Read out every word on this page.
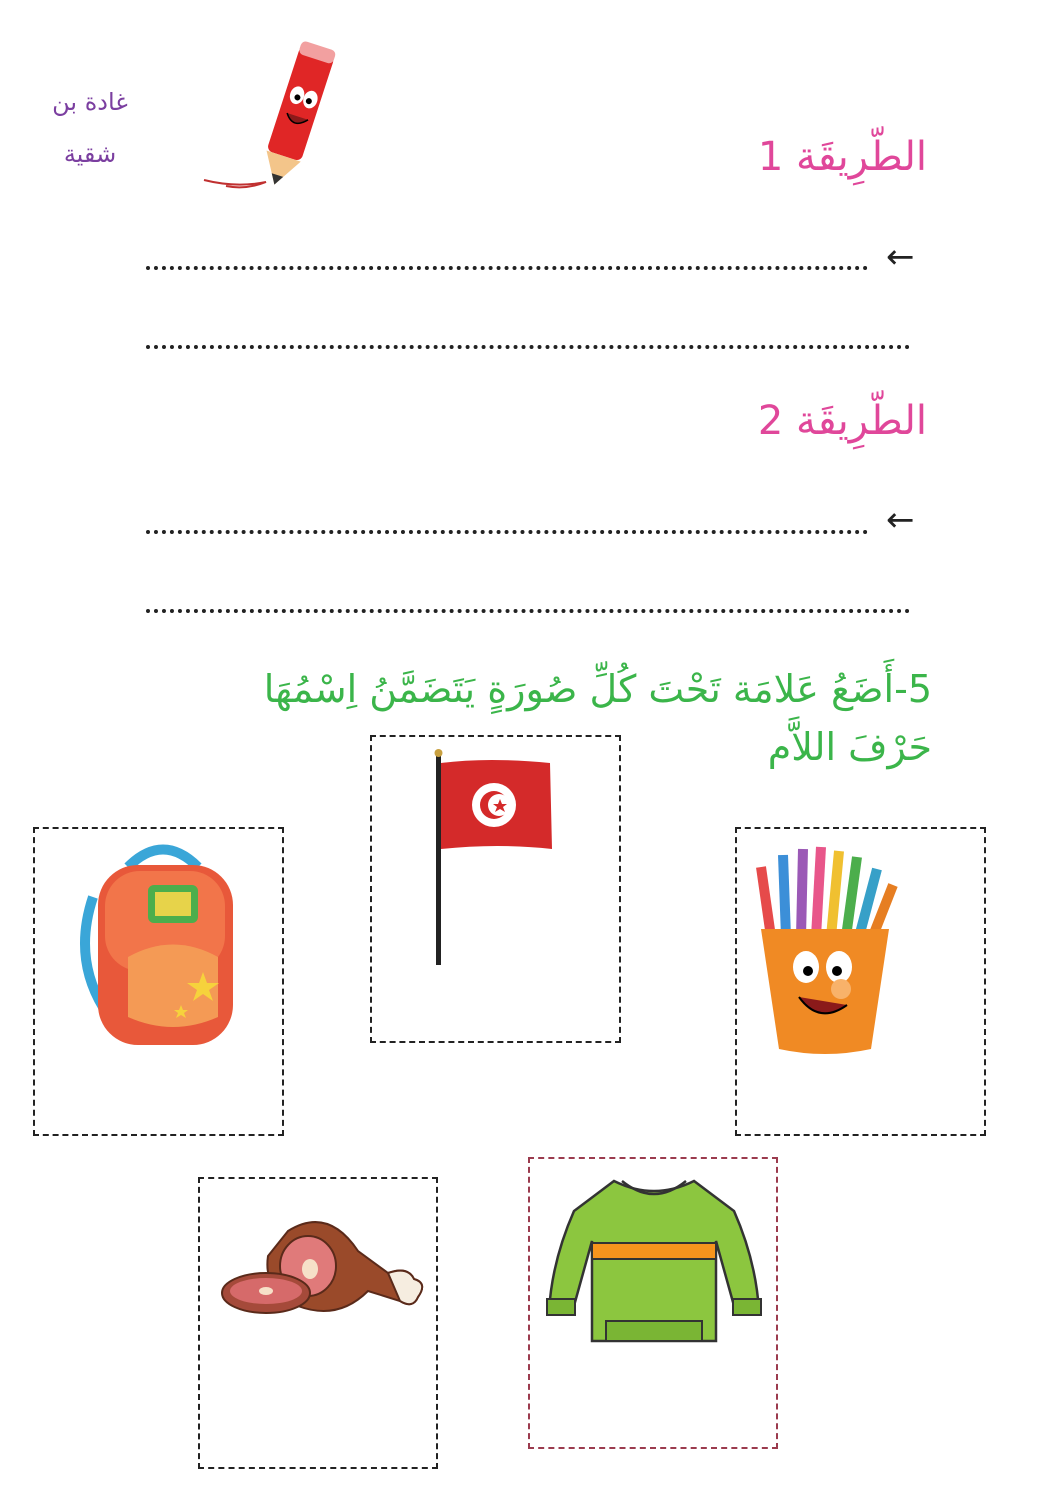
غادة بن شقية	الطّرِيقَة 1
←
الطّرِيقَة 2
←
5-أَضَعُ عَلامَة تَحْتَ كُلِّ صُورَةٍ يَتَضَمَّنُ اِسْمُهَا حَرْفَ اللاَّم
